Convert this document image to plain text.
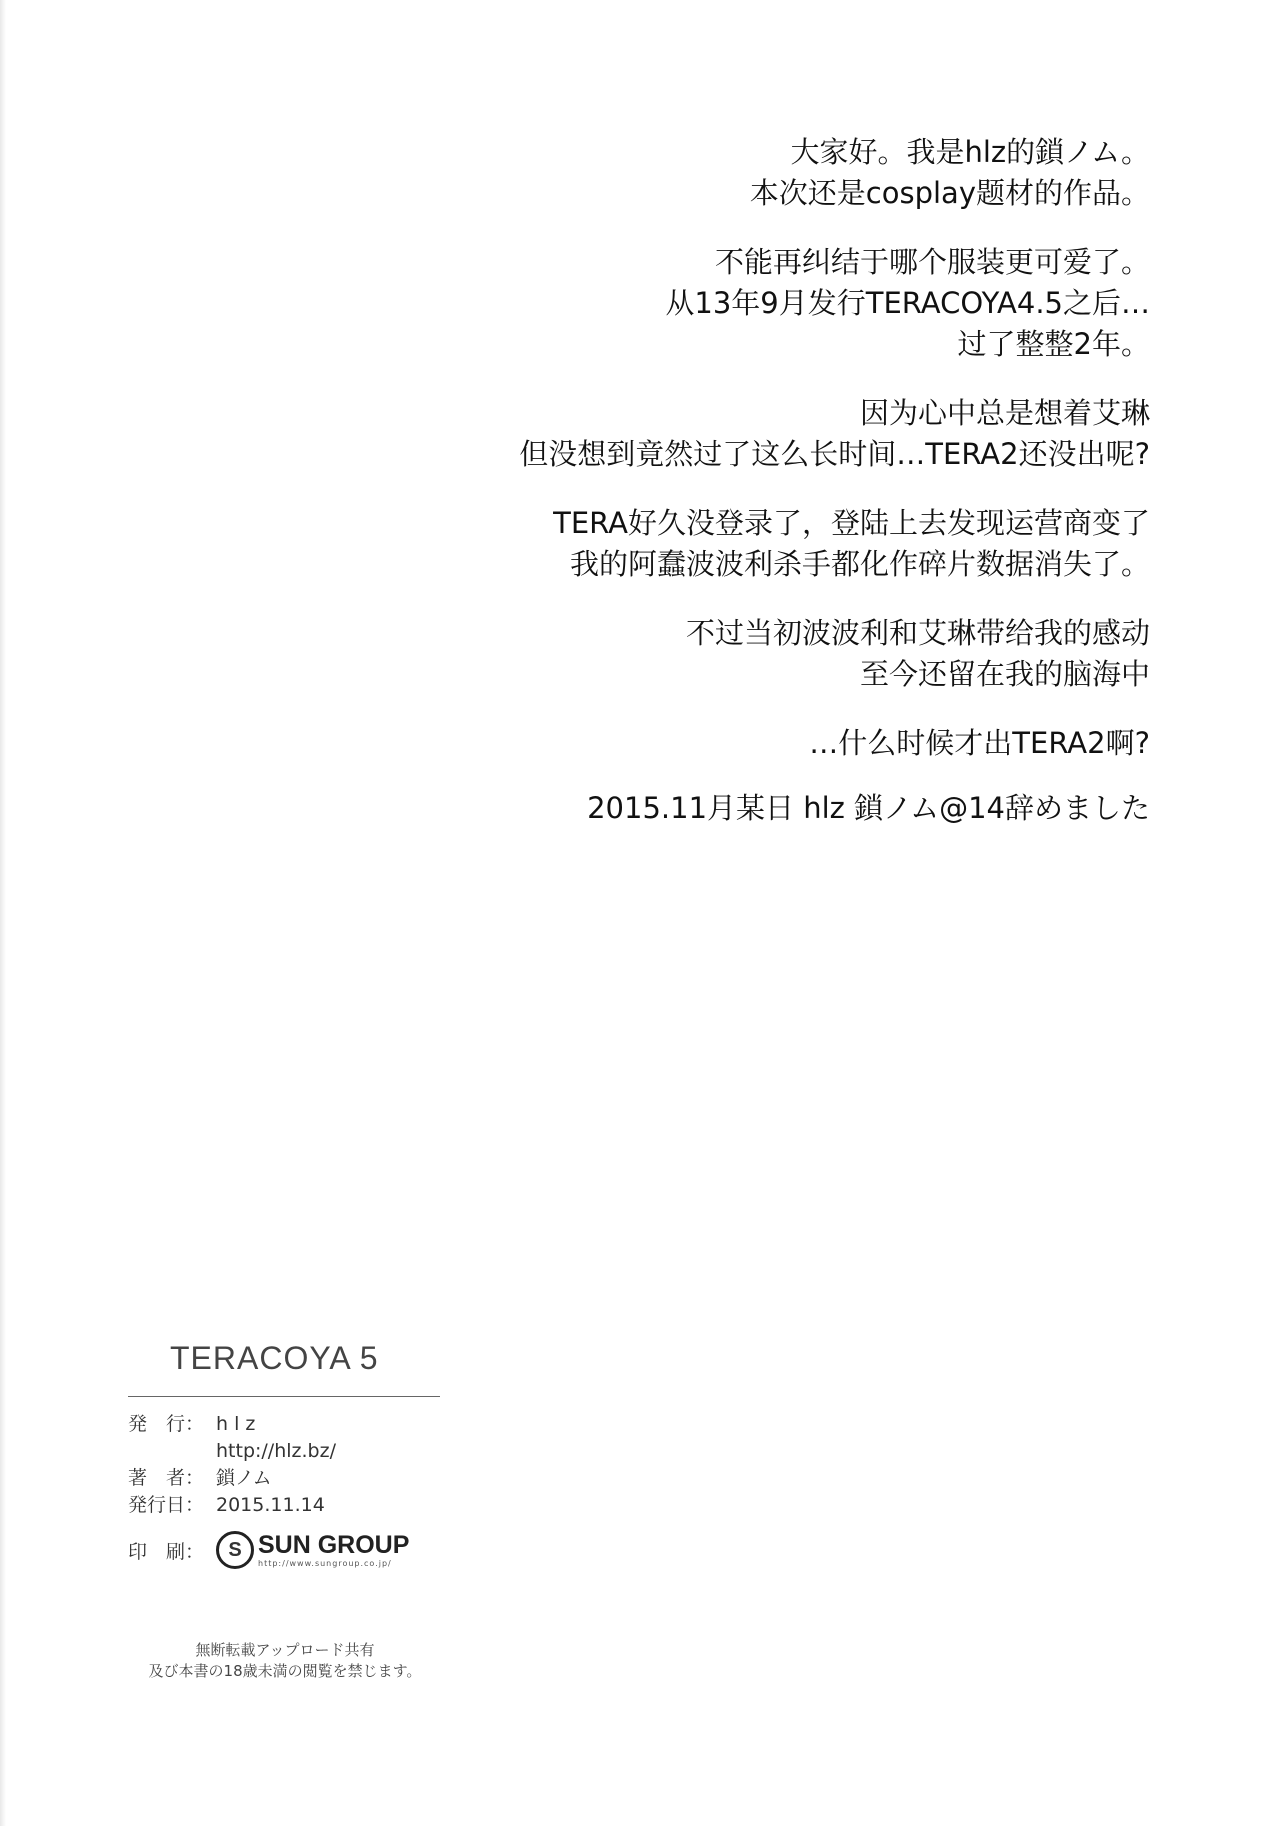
大家好。我是hlz的鎖ノム。
本次还是cosplay题材的作品。
不能再纠结于哪个服装更可爱了。
从13年9月发行TERACOYA4.5之后…
过了整整2年。
因为心中总是想着艾琳
但没想到竟然过了这么长时间…TERA2还没出呢?
TERA好久没登录了，登陆上去发现运营商变了
我的阿蠢波波利杀手都化作碎片数据消失了。
不过当初波波利和艾琳带给我的感动
至今还留在我的脑海中
…什么时候才出TERA2啊?
2015.11月某日 hlz 鎖ノム@14辞めました
TERACOYA 5
発　行： h l z
http://hlz.bz/
著　者： 鎖ノム
発行日： 2015.11.14
印　刷：	S SUN GROUP
http://www.sungroup.co.jp/
無断転載アップロード共有
及び本書の18歳未満の閲覧を禁じます。
